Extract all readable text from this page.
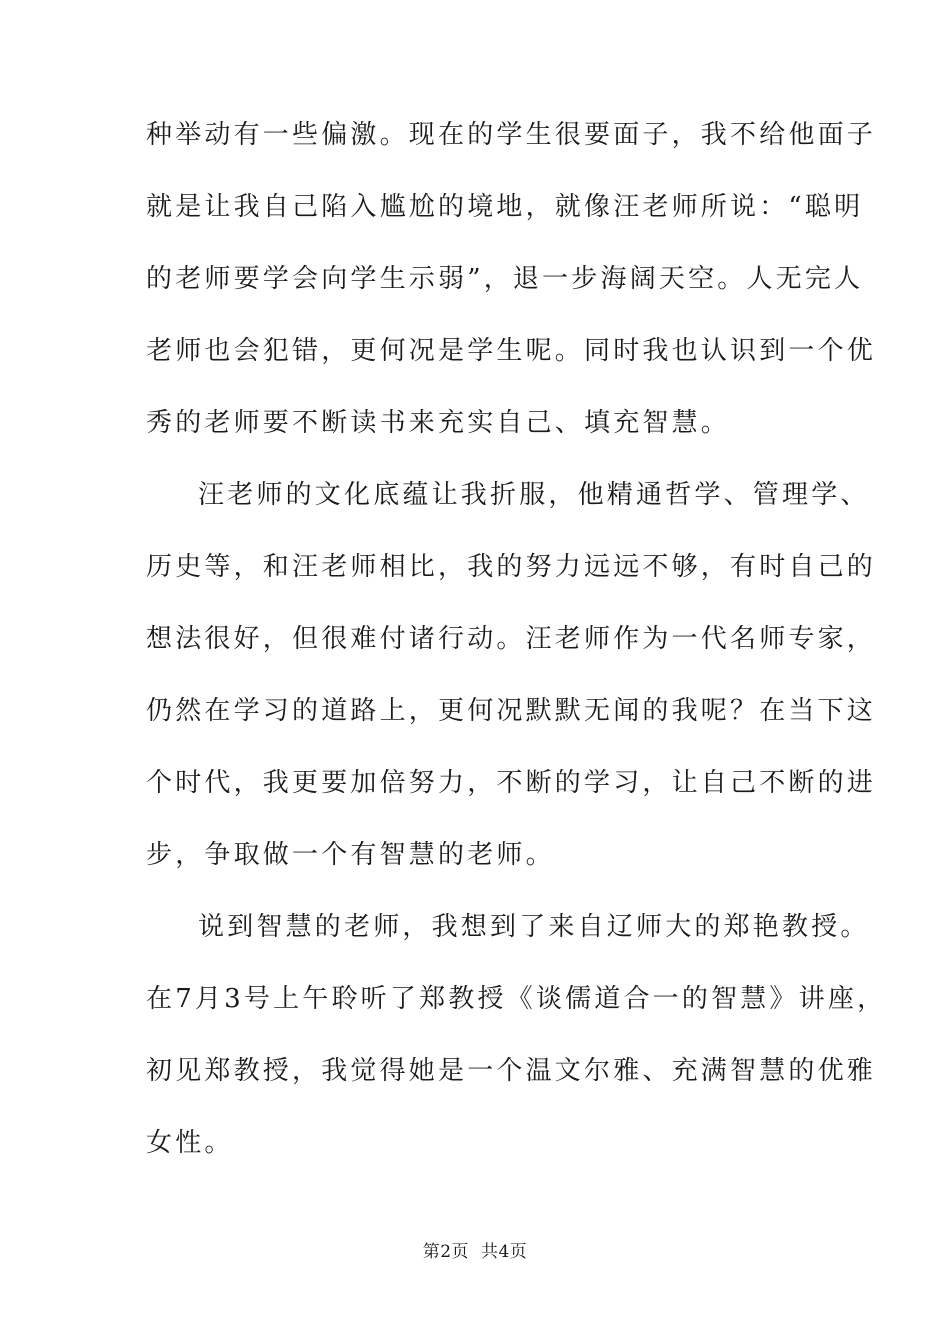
种举动有一些偏激。现在的学生很要面子，我不给他面子
就是让我自己陷入尴尬的境地，就像汪老师所说：“聪明
的老师要学会向学生示弱”，退一步海阔天空。人无完人
老师也会犯错，更何况是学生呢。同时我也认识到一个优
秀的老师要不断读书来充实自己、填充智慧。
汪老师的文化底蕴让我折服，他精通哲学、管理学、
历史等，和汪老师相比，我的努力远远不够，有时自己的
想法很好，但很难付诸行动。汪老师作为一代名师专家，
仍然在学习的道路上，更何况默默无闻的我呢？在当下这
个时代，我更要加倍努力，不断的学习，让自己不断的进
步，争取做一个有智慧的老师。
说到智慧的老师，我想到了来自辽师大的郑艳教授。
在7月3号上午聆听了郑教授《谈儒道合一的智慧》讲座，
初见郑教授，我觉得她是一个温文尔雅、充满智慧的优雅
女性。
第2页 共4页
